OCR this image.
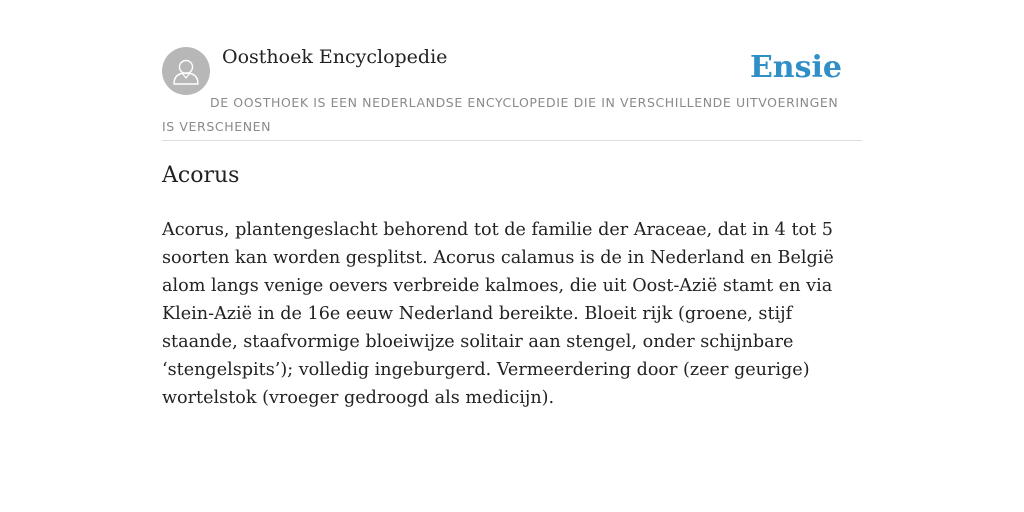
Oosthoek Encyclopedie	Ensie
DE OOSTHOEK IS EEN NEDERLANDSE ENCYCLOPEDIE DIE IN VERSCHILLENDE UITVOERINGEN IS VERSCHENEN
Acorus

Acorus, plantengeslacht behorend tot de familie der Araceae, dat in 4 tot 5 soorten kan worden gesplitst. Acorus calamus is de in Nederland en België alom langs venige oevers verbreide kalmoes, die uit Oost-Azië stamt en via Klein-Azië in de 16e eeuw Nederland bereikte. Bloeit rijk (groene, stijf staande, staafvormige bloeiwijze solitair aan stengel, onder schijnbare ‘stengelspits’); volledig ingeburgerd. Vermeerdering door (zeer geurige) wortelstok (vroeger gedroogd als medicijn).
